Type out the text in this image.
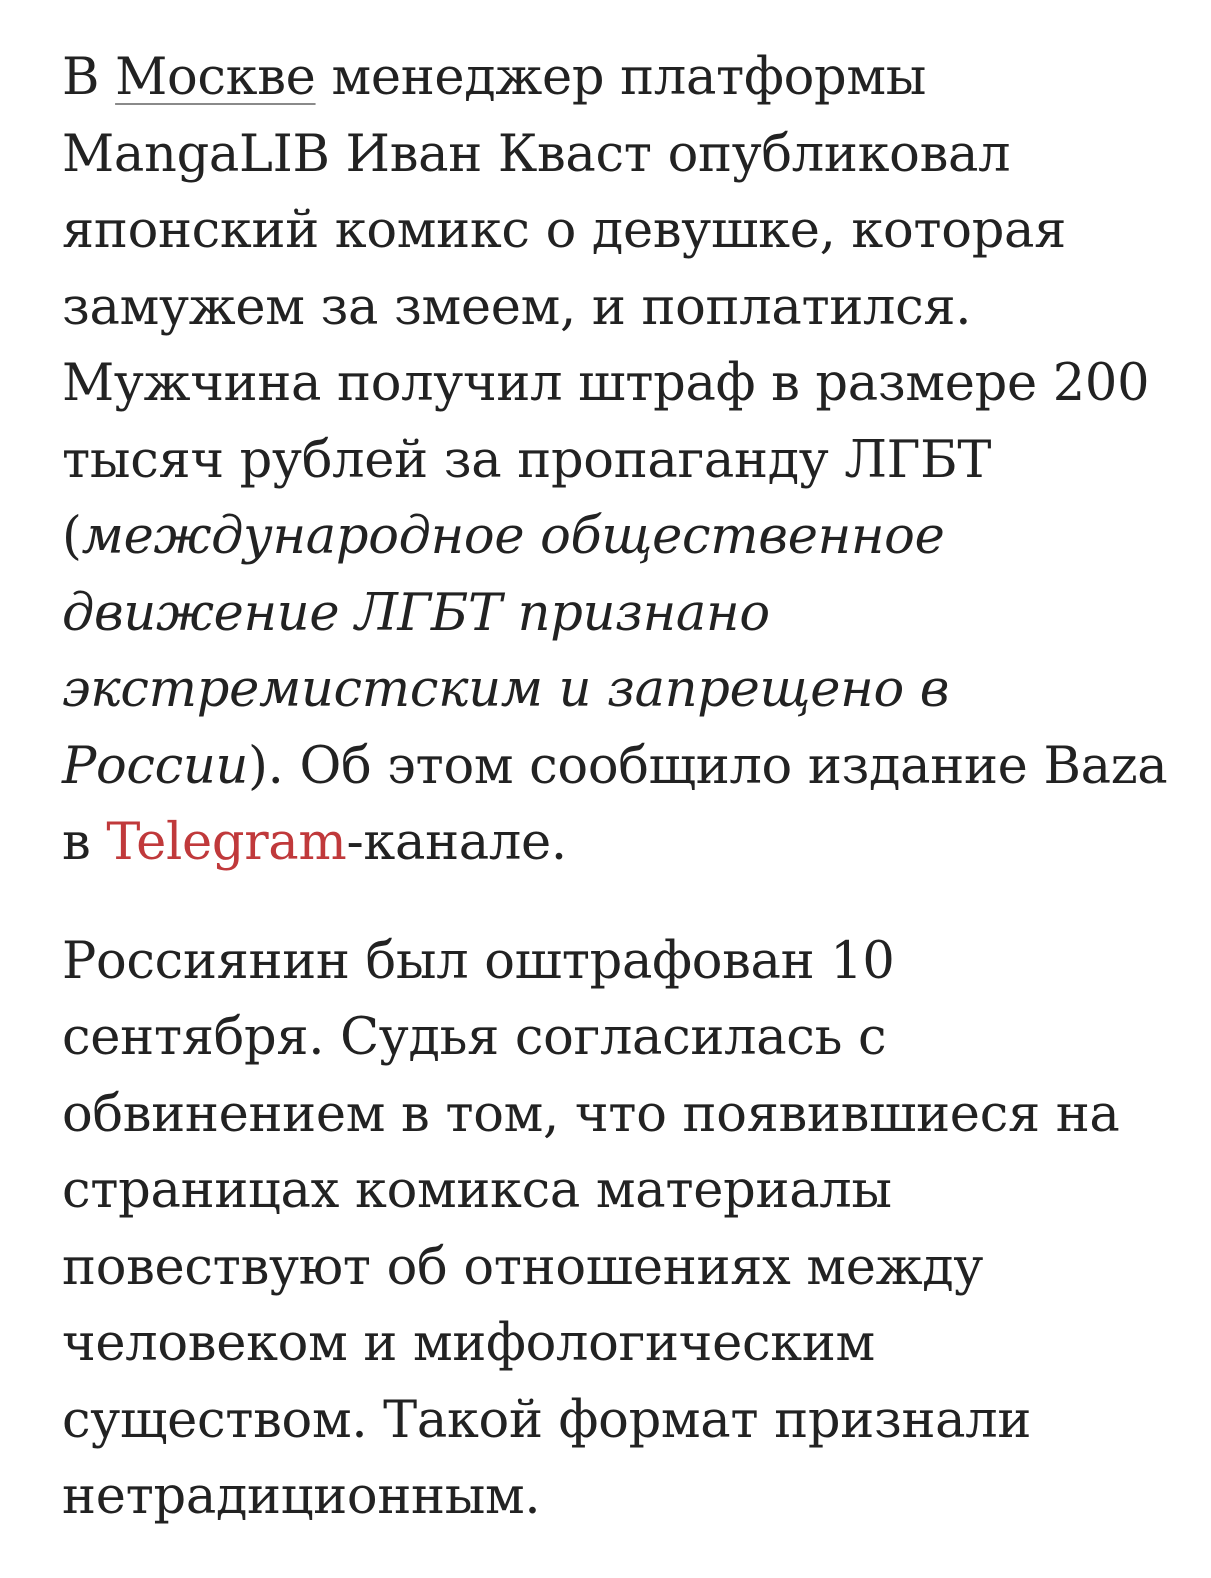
В Москве менеджер платформы MangaLIB Иван Кваст опубликовал японский комикс о девушке, которая замужем за змеем, и поплатился. Мужчина получил штраф в размере 200 тысяч рублей за пропаганду ЛГБТ (международное общественное движение ЛГБТ признано экстремистским и запрещено в России). Об этом сообщило издание Baza в Telegram-канале.

Россиянин был оштрафован 10 сентября. Судья согласилась с обвинением в том, что появившиеся на страницах комикса материалы повествуют об отношениях между человеком и мифологическим существом. Такой формат признали нетрадиционным.
